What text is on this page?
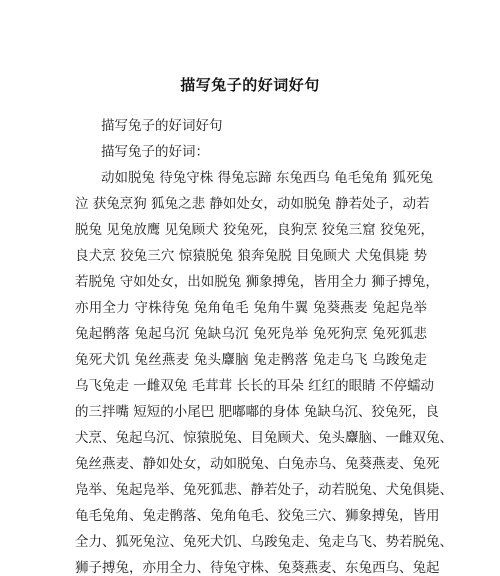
描写兔子的好词好句
描写兔子的好词好句
描写兔子的好词：
动如脱兔 待兔守株 得兔忘蹄 东兔西乌 龟毛兔角 狐死兔
泣 获兔烹狗 狐兔之悲 静如处女，动如脱兔 静若处子，动若
脱兔 见兔放鹰 见兔顾犬 狡兔死，良狗烹 狡兔三窟 狡兔死，
良犬烹 狡兔三穴 惊猿脱兔 狼奔兔脱 目兔顾犬 犬兔俱毙 势
若脱兔 守如处女，出如脱兔 狮象搏兔，皆用全力 狮子搏兔，
亦用全力 守株待兔 兔角龟毛 兔角牛翼 兔葵燕麦 兔起凫举
兔起鹘落 兔起乌沉 兔缺乌沉 兔死凫举 兔死狗烹 兔死狐悲
兔死犬饥 兔丝燕麦 兔头麞脑 兔走鹘落 兔走乌飞 乌踆兔走
乌飞兔走 一雌双兔 毛茸茸 长长的耳朵 红红的眼睛 不停蠕动
的三拌嘴 短短的小尾巴 肥嘟嘟的身体 兔缺乌沉、狡兔死，良
犬烹、兔起乌沉、惊猿脱兔、目兔顾犬、兔头麞脑、一雌双兔、
兔丝燕麦、静如处女，动如脱兔、白兔赤乌、兔葵燕麦、兔死
凫举、兔起凫举、兔死狐悲、静若处子，动若脱兔、犬兔俱毙、
龟毛兔角、兔走鹘落、兔角龟毛、狡兔三穴、狮象搏兔，皆用
全力、狐死兔泣、兔死犬饥、乌踆兔走、兔走乌飞、势若脱兔、
狮子搏兔，亦用全力、待兔守株、兔葵燕麦、东兔西乌、兔起
